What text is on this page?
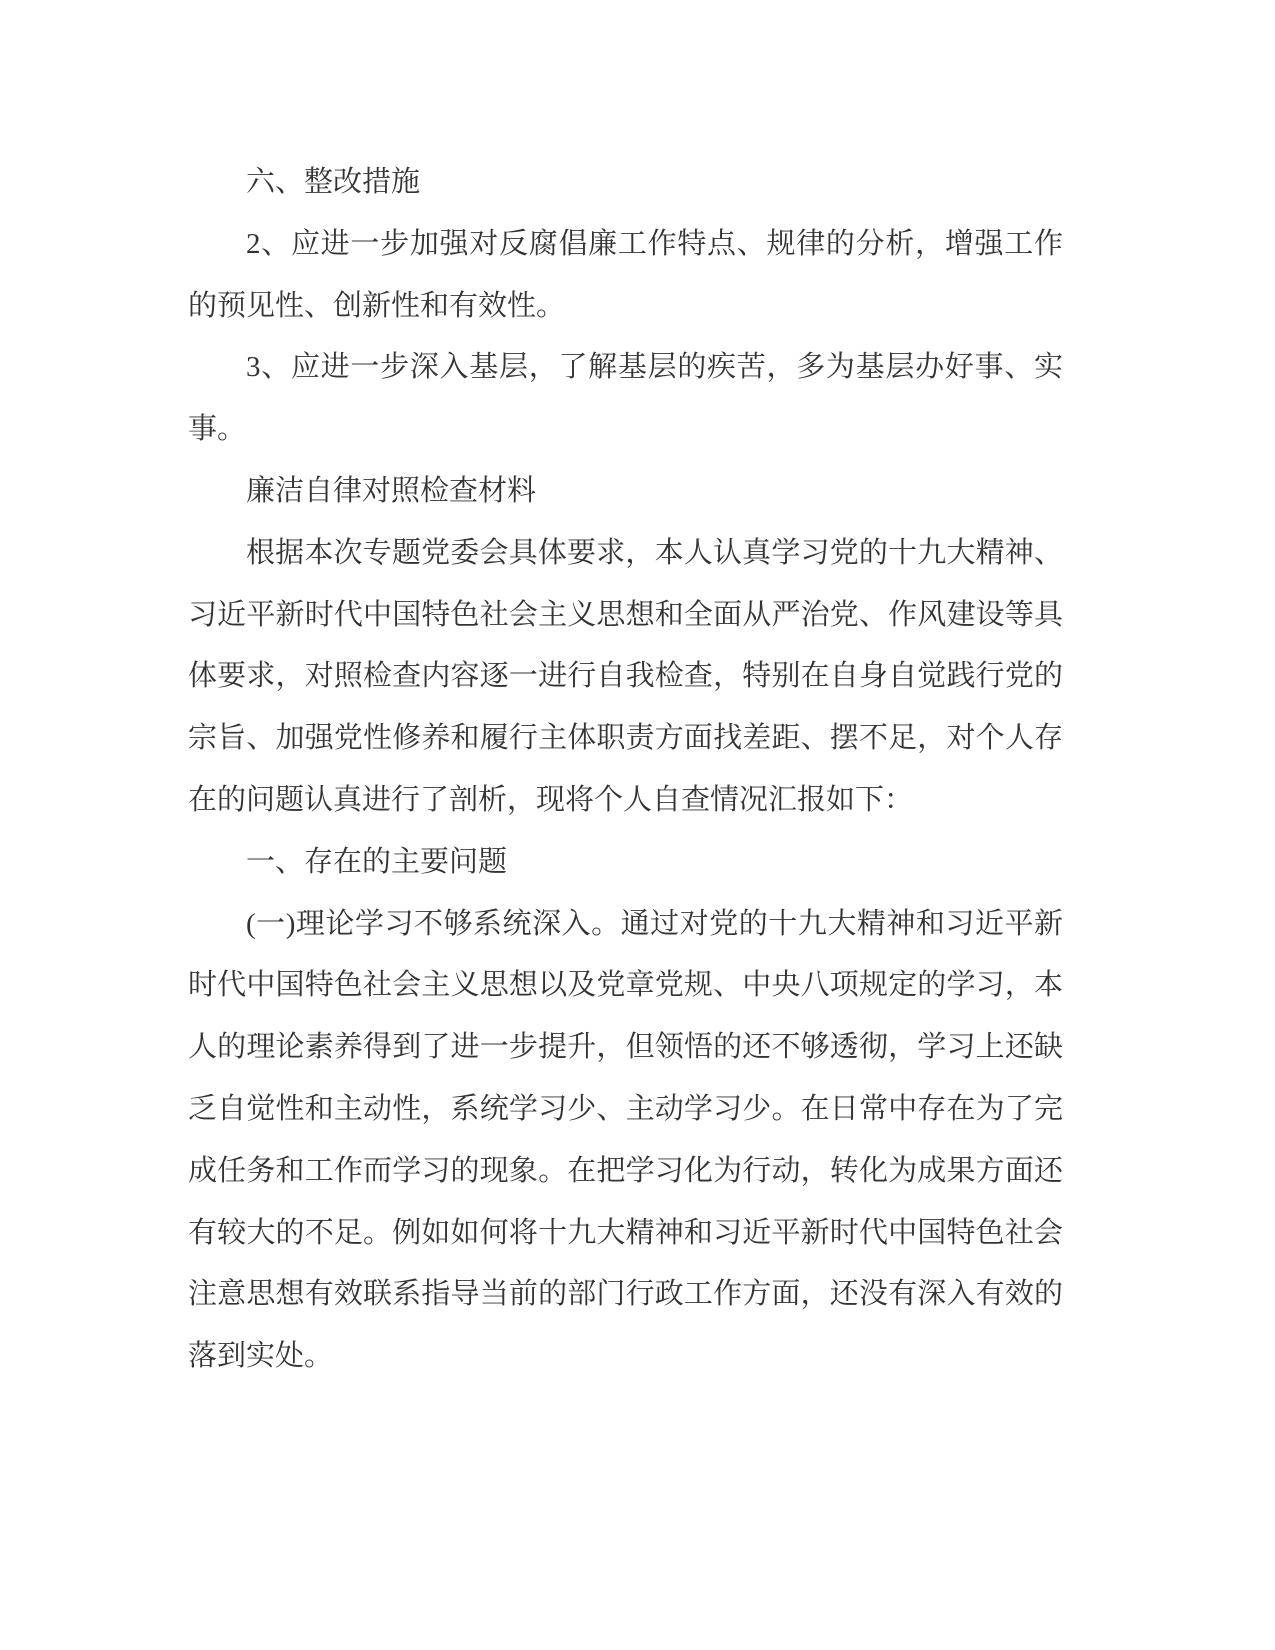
六、整改措施
2、应进一步加强对反腐倡廉工作特点、规律的分析，增强工作
的预见性、创新性和有效性。
3、应进一步深入基层，了解基层的疾苦，多为基层办好事、实
事。
廉洁自律对照检查材料
根据本次专题党委会具体要求，本人认真学习党的十九大精神、
习近平新时代中国特色社会主义思想和全面从严治党、作风建设等具
体要求，对照检查内容逐一进行自我检查，特别在自身自觉践行党的
宗旨、加强党性修养和履行主体职责方面找差距、摆不足，对个人存
在的问题认真进行了剖析，现将个人自查情况汇报如下：
一、存在的主要问题
(一)理论学习不够系统深入。通过对党的十九大精神和习近平新
时代中国特色社会主义思想以及党章党规、中央八项规定的学习，本
人的理论素养得到了进一步提升，但领悟的还不够透彻，学习上还缺
乏自觉性和主动性，系统学习少、主动学习少。在日常中存在为了完
成任务和工作而学习的现象。在把学习化为行动，转化为成果方面还
有较大的不足。例如如何将十九大精神和习近平新时代中国特色社会
注意思想有效联系指导当前的部门行政工作方面，还没有深入有效的
落到实处。
